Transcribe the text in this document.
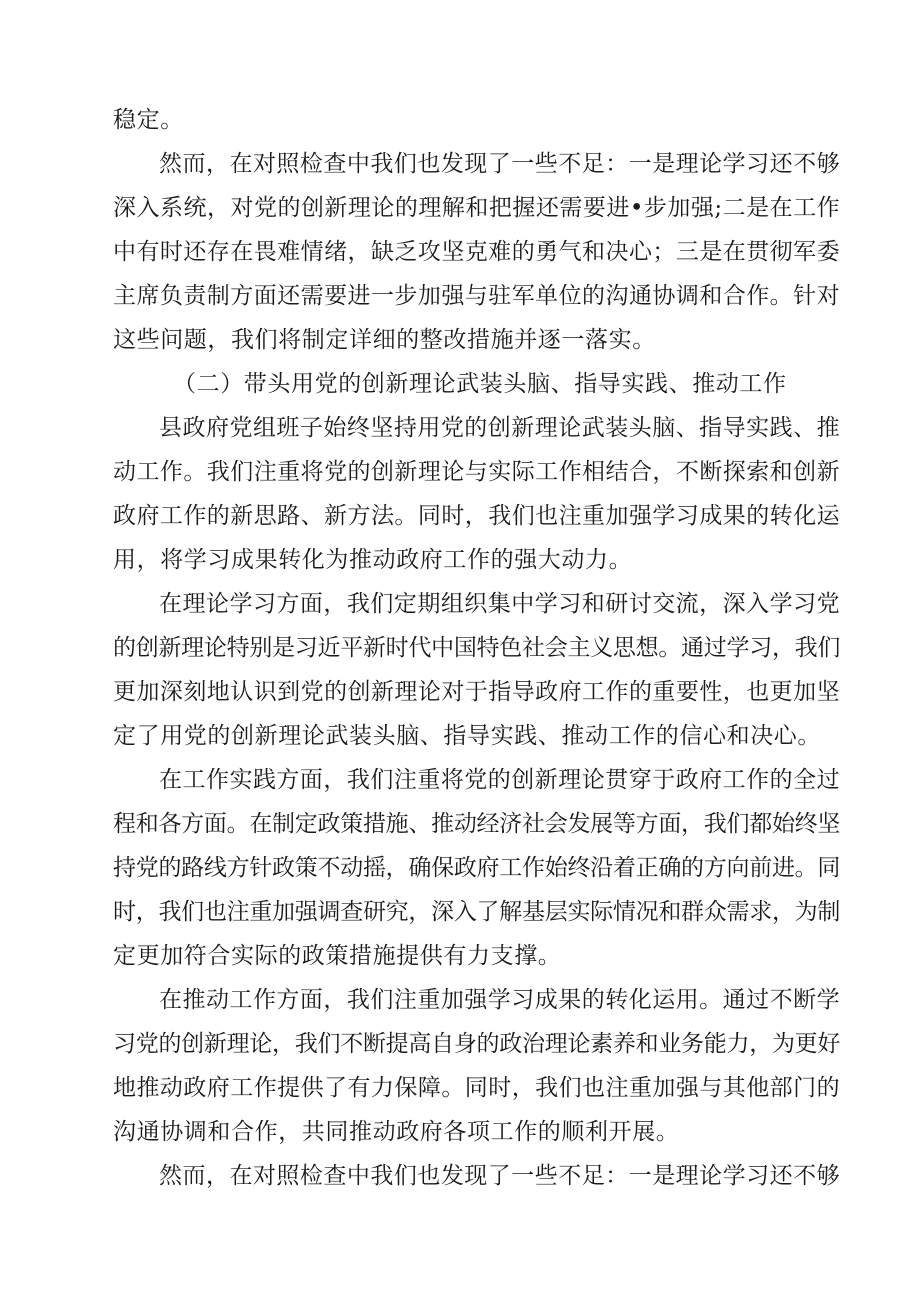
稳定。
然而，在对照检查中我们也发现了一些不足：一是理论学习还不够
深入系统，对党的创新理论的理解和把握还需要进•步加强;二是在工作
中有时还存在畏难情绪，缺乏攻坚克难的勇气和决心；三是在贯彻军委
主席负责制方面还需要进一步加强与驻军单位的沟通协调和合作。针对
这些问题，我们将制定详细的整改措施并逐一落实。
（二）带头用党的创新理论武装头脑、指导实践、推动工作
县政府党组班子始终坚持用党的创新理论武装头脑、指导实践、推
动工作。我们注重将党的创新理论与实际工作相结合，不断探索和创新
政府工作的新思路、新方法。同时，我们也注重加强学习成果的转化运
用，将学习成果转化为推动政府工作的强大动力。
在理论学习方面，我们定期组织集中学习和研讨交流，深入学习党
的创新理论特别是习近平新时代中国特色社会主义思想。通过学习，我们
更加深刻地认识到党的创新理论对于指导政府工作的重要性，也更加坚
定了用党的创新理论武装头脑、指导实践、推动工作的信心和决心。
在工作实践方面，我们注重将党的创新理论贯穿于政府工作的全过
程和各方面。在制定政策措施、推动经济社会发展等方面，我们都始终坚
持党的路线方针政策不动摇，确保政府工作始终沿着正确的方向前进。同
时，我们也注重加强调查研究，深入了解基层实际情况和群众需求，为制
定更加符合实际的政策措施提供有力支撑。
在推动工作方面，我们注重加强学习成果的转化运用。通过不断学
习党的创新理论，我们不断提高自身的政治理论素养和业务能力，为更好
地推动政府工作提供了有力保障。同时，我们也注重加强与其他部门的
沟通协调和合作，共同推动政府各项工作的顺利开展。
然而，在对照检查中我们也发现了一些不足：一是理论学习还不够
